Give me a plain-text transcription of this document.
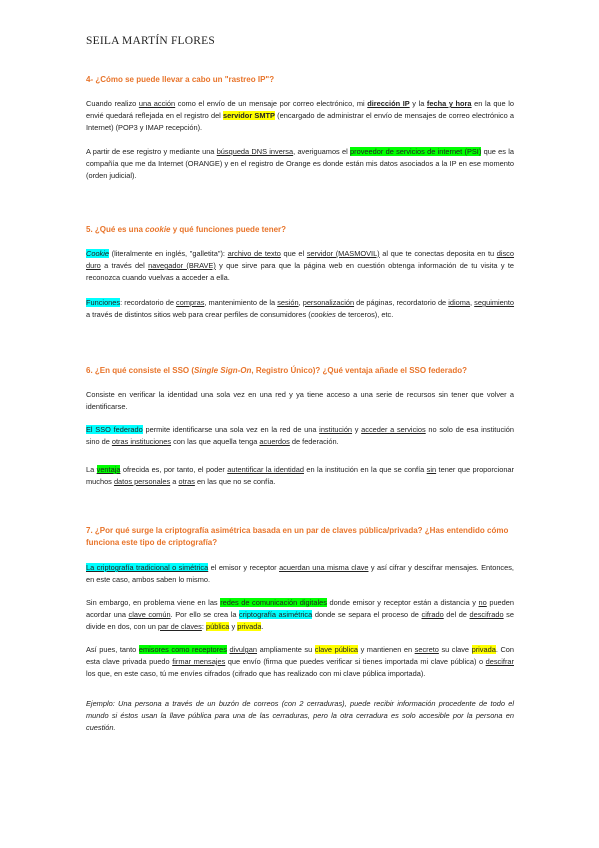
SEILA MARTÍN FLORES
4- ¿Cómo se puede llevar a cabo un "rastreo IP"?
Cuando realizo una acción como el envío de un mensaje por correo electrónico, mi dirección IP y la fecha y hora en la que lo envié quedará reflejada en el registro del servidor SMTP (encargado de administrar el envío de mensajes de correo electrónico a Internet) (POP3 y IMAP recepción).
A partir de ese registro y mediante una búsqueda DNS inversa, averiguamos el proveedor de servicios de internet (PSI) que es la compañía que me da Internet (ORANGE) y en el registro de Orange es donde están mis datos asociados a la IP en ese momento (orden judicial).
5. ¿Qué es una cookie y qué funciones puede tener?
Cookie (literalmente en inglés, "galletita"): archivo de texto que el servidor (MASMOVIL) al que te conectas deposita en tu disco duro a través del navegador (BRAVE) y que sirve para que la página web en cuestión obtenga información de tu visita y te reconozca cuando vuelvas a acceder a ella.
Funciones: recordatorio de compras, mantenimiento de la sesión, personalización de páginas, recordatorio de idioma, seguimiento a través de distintos sitios web para crear perfiles de consumidores (cookies de terceros), etc.
6. ¿En qué consiste el SSO (Single Sign-On, Registro Único)? ¿Qué ventaja añade el SSO federado?
Consiste en verificar la identidad una sola vez en una red y ya tiene acceso a una serie de recursos sin tener que volver a identificarse.
El SSO federado permite identificarse una sola vez en la red de una institución y acceder a servicios no solo de esa institución sino de otras instituciones con las que aquella tenga acuerdos de federación.
La ventaja ofrecida es, por tanto, el poder autentificar la identidad en la institución en la que se confía sin tener que proporcionar muchos datos personales a otras en las que no se confía.
7. ¿Por qué surge la criptografía asimétrica basada en un par de claves pública/privada? ¿Has entendido cómo funciona este tipo de criptografía?
La criptografía tradicional o simétrica el emisor y receptor acuerdan una misma clave y así cifrar y descifrar mensajes. Entonces, en este caso, ambos saben lo mismo.
Sin embargo, en problema viene en las redes de comunicación digitales donde emisor y receptor están a distancia y no pueden acordar una clave común. Por ello se crea la criptografía asimétrica donde se separa el proceso de cifrado del de descifrado se divide en dos, con un par de claves: pública y privada.
Así pues, tanto emisores como receptores divulgan ampliamente su clave pública y mantienen en secreto su clave privada. Con esta clave privada puedo firmar mensajes que envío (firma que puedes verificar si tienes importada mi clave pública) o descifrar los que, en este caso, tú me envíes cifrados (cifrado que has realizado con mi clave pública importada).
Ejemplo: Una persona a través de un buzón de correos (con 2 cerraduras), puede recibir información procedente de todo el mundo si éstos usan la llave pública para una de las cerraduras, pero la otra cerradura es solo accesible por la persona en cuestión.
